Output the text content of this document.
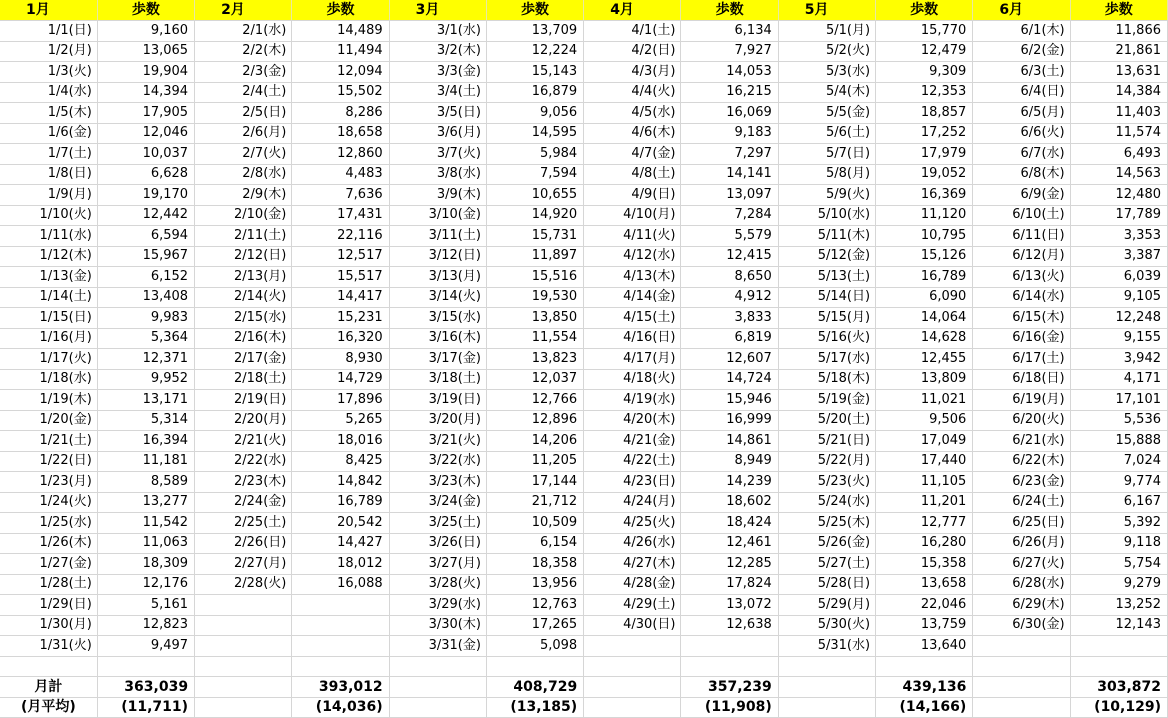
1月	歩数	2月	歩数	3月	歩数	4月	歩数	5月	歩数	6月	歩数
1/1(日)	9,160	2/1(水)	14,489	3/1(水)	13,709	4/1(土)	6,134	5/1(月)	15,770	6/1(木)	11,866
1/2(月)	13,065	2/2(木)	11,494	3/2(木)	12,224	4/2(日)	7,927	5/2(火)	12,479	6/2(金)	21,861
1/3(火)	19,904	2/3(金)	12,094	3/3(金)	15,143	4/3(月)	14,053	5/3(水)	9,309	6/3(土)	13,631
1/4(水)	14,394	2/4(土)	15,502	3/4(土)	16,879	4/4(火)	16,215	5/4(木)	12,353	6/4(日)	14,384
1/5(木)	17,905	2/5(日)	8,286	3/5(日)	9,056	4/5(水)	16,069	5/5(金)	18,857	6/5(月)	11,403
1/6(金)	12,046	2/6(月)	18,658	3/6(月)	14,595	4/6(木)	9,183	5/6(土)	17,252	6/6(火)	11,574
1/7(土)	10,037	2/7(火)	12,860	3/7(火)	5,984	4/7(金)	7,297	5/7(日)	17,979	6/7(水)	6,493
1/8(日)	6,628	2/8(水)	4,483	3/8(水)	7,594	4/8(土)	14,141	5/8(月)	19,052	6/8(木)	14,563
1/9(月)	19,170	2/9(木)	7,636	3/9(木)	10,655	4/9(日)	13,097	5/9(火)	16,369	6/9(金)	12,480
1/10(火)	12,442	2/10(金)	17,431	3/10(金)	14,920	4/10(月)	7,284	5/10(水)	11,120	6/10(土)	17,789
1/11(水)	6,594	2/11(土)	22,116	3/11(土)	15,731	4/11(火)	5,579	5/11(木)	10,795	6/11(日)	3,353
1/12(木)	15,967	2/12(日)	12,517	3/12(日)	11,897	4/12(水)	12,415	5/12(金)	15,126	6/12(月)	3,387
1/13(金)	6,152	2/13(月)	15,517	3/13(月)	15,516	4/13(木)	8,650	5/13(土)	16,789	6/13(火)	6,039
1/14(土)	13,408	2/14(火)	14,417	3/14(火)	19,530	4/14(金)	4,912	5/14(日)	6,090	6/14(水)	9,105
1/15(日)	9,983	2/15(水)	15,231	3/15(水)	13,850	4/15(土)	3,833	5/15(月)	14,064	6/15(木)	12,248
1/16(月)	5,364	2/16(木)	16,320	3/16(木)	11,554	4/16(日)	6,819	5/16(火)	14,628	6/16(金)	9,155
1/17(火)	12,371	2/17(金)	8,930	3/17(金)	13,823	4/17(月)	12,607	5/17(水)	12,455	6/17(土)	3,942
1/18(水)	9,952	2/18(土)	14,729	3/18(土)	12,037	4/18(火)	14,724	5/18(木)	13,809	6/18(日)	4,171
1/19(木)	13,171	2/19(日)	17,896	3/19(日)	12,766	4/19(水)	15,946	5/19(金)	11,021	6/19(月)	17,101
1/20(金)	5,314	2/20(月)	5,265	3/20(月)	12,896	4/20(木)	16,999	5/20(土)	9,506	6/20(火)	5,536
1/21(土)	16,394	2/21(火)	18,016	3/21(火)	14,206	4/21(金)	14,861	5/21(日)	17,049	6/21(水)	15,888
1/22(日)	11,181	2/22(水)	8,425	3/22(水)	11,205	4/22(土)	8,949	5/22(月)	17,440	6/22(木)	7,024
1/23(月)	8,589	2/23(木)	14,842	3/23(木)	17,144	4/23(日)	14,239	5/23(火)	11,105	6/23(金)	9,774
1/24(火)	13,277	2/24(金)	16,789	3/24(金)	21,712	4/24(月)	18,602	5/24(水)	11,201	6/24(土)	6,167
1/25(水)	11,542	2/25(土)	20,542	3/25(土)	10,509	4/25(火)	18,424	5/25(木)	12,777	6/25(日)	5,392
1/26(木)	11,063	2/26(日)	14,427	3/26(日)	6,154	4/26(水)	12,461	5/26(金)	16,280	6/26(月)	9,118
1/27(金)	18,309	2/27(月)	18,012	3/27(月)	18,358	4/27(木)	12,285	5/27(土)	15,358	6/27(火)	5,754
1/28(土)	12,176	2/28(火)	16,088	3/28(火)	13,956	4/28(金)	17,824	5/28(日)	13,658	6/28(水)	9,279
1/29(日)	5,161			3/29(水)	12,763	4/29(土)	13,072	5/29(月)	22,046	6/29(木)	13,252
1/30(月)	12,823			3/30(木)	17,265	4/30(日)	12,638	5/30(火)	13,759	6/30(金)	12,143
1/31(火)	9,497			3/31(金)	5,098			5/31(水)	13,640		

月計	363,039		393,012		408,729		357,239		439,136		303,872
(月平均)	(11,711)		(14,036)		(13,185)		(11,908)		(14,166)		(10,129)
